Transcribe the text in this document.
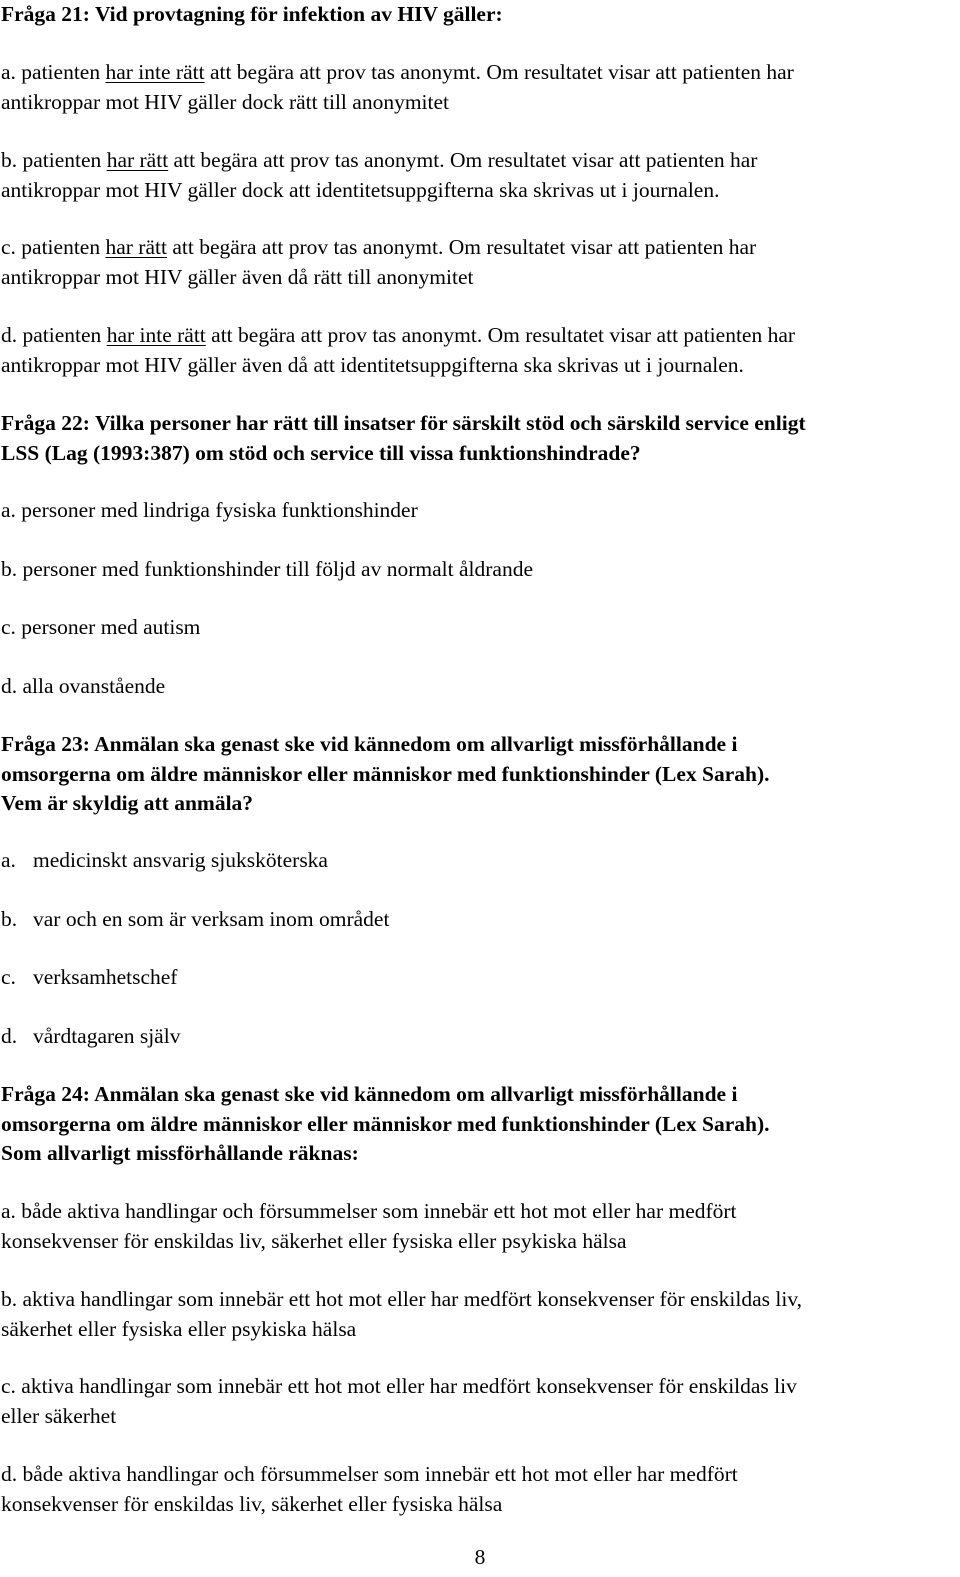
Fråga 21: Vid provtagning för infektion av HIV gäller:

a. patienten har inte rätt att begära att prov tas anonymt. Om resultatet visar att patienten har
antikroppar mot HIV gäller dock rätt till anonymitet
b. patienten har rätt att begära att prov tas anonymt. Om resultatet visar att patienten har
antikroppar mot HIV gäller dock att identitetsuppgifterna ska skrivas ut i journalen.
c. patienten har rätt att begära att prov tas anonymt. Om resultatet visar att patienten har
antikroppar mot HIV gäller även då rätt till anonymitet
d. patienten har inte rätt att begära att prov tas anonymt. Om resultatet visar att patienten har
antikroppar mot HIV gäller även då att identitetsuppgifterna ska skrivas ut i journalen.
Fråga 22: Vilka personer har rätt till insatser för särskilt stöd och särskild service enligt
LSS (Lag (1993:387) om stöd och service till vissa funktionshindrade?
a. personer med lindriga fysiska funktionshinder
b. personer med funktionshinder till följd av normalt åldrande
c. personer med autism
d. alla ovanstående
Fråga 23: Anmälan ska genast ske vid kännedom om allvarligt missförhållande i
omsorgerna om äldre människor eller människor med funktionshinder (Lex Sarah).
Vem är skyldig att anmäla?
a. medicinskt ansvarig sjuksköterska
b. var och en som är verksam inom området
c. verksamhetschef
d. vårdtagaren själv
Fråga 24: Anmälan ska genast ske vid kännedom om allvarligt missförhållande i
omsorgerna om äldre människor eller människor med funktionshinder (Lex Sarah).
Som allvarligt missförhållande räknas:
a. både aktiva handlingar och försummelser som innebär ett hot mot eller har medfört
konsekvenser för enskildas liv, säkerhet eller fysiska eller psykiska hälsa
b. aktiva handlingar som innebär ett hot mot eller har medfört konsekvenser för enskildas liv,
säkerhet eller fysiska eller psykiska hälsa
c. aktiva handlingar som innebär ett hot mot eller har medfört konsekvenser för enskildas liv
eller säkerhet
d. både aktiva handlingar och försummelser som innebär ett hot mot eller har medfört
konsekvenser för enskildas liv, säkerhet eller fysiska hälsa
8
